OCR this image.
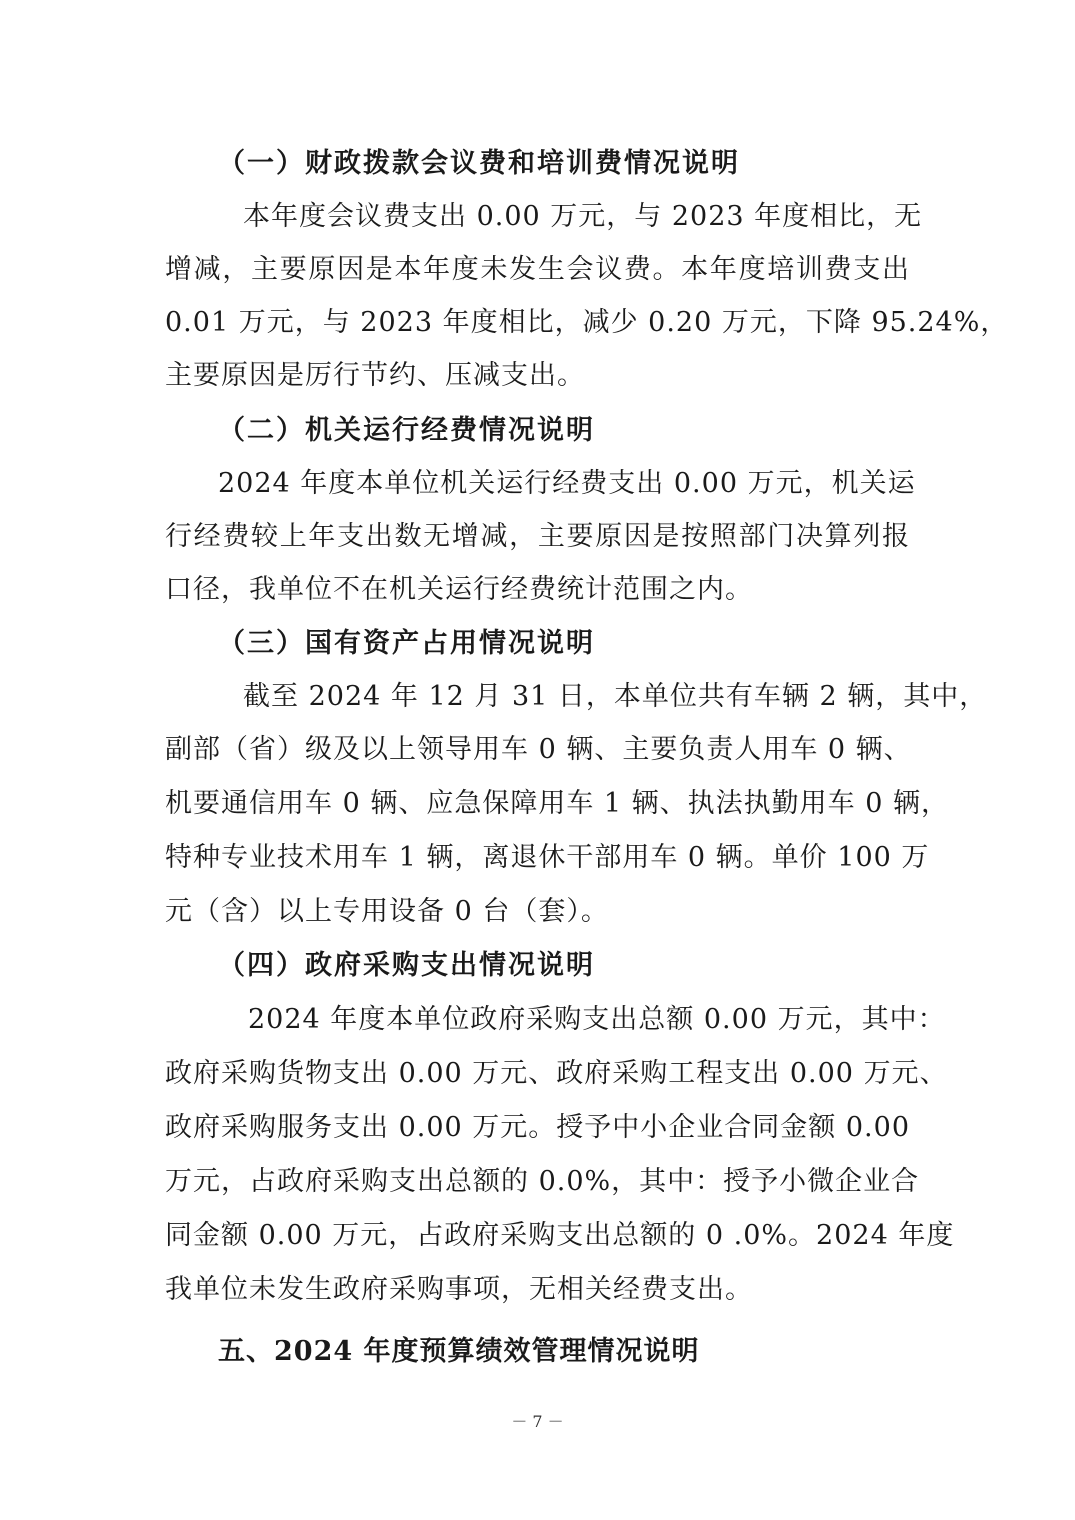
（一）财政拨款会议费和培训费情况说明
本年度会议费支出 0.00 万元，与 2023 年度相比，无
增减，主要原因是本年度未发生会议费。本年度培训费支出
0.01 万元，与 2023 年度相比，减少 0.20 万元，下降 95.24%，
主要原因是厉行节约、压减支出。
（二）机关运行经费情况说明
2024 年度本单位机关运行经费支出 0.00 万元，机关运
行经费较上年支出数无增减，主要原因是按照部门决算列报
口径，我单位不在机关运行经费统计范围之内。
（三）国有资产占用情况说明
截至 2024 年 12 月 31 日，本单位共有车辆 2 辆，其中，
副部（省）级及以上领导用车 0 辆、主要负责人用车 0 辆、
机要通信用车 0 辆、应急保障用车 1 辆、执法执勤用车 0 辆，
特种专业技术用车 1 辆，离退休干部用车 0 辆。单价 100 万
元（含）以上专用设备 0 台（套）。
（四）政府采购支出情况说明
2024 年度本单位政府采购支出总额 0.00 万元，其中：
政府采购货物支出 0.00 万元、政府采购工程支出 0.00 万元、
政府采购服务支出 0.00 万元。授予中小企业合同金额 0.00
万元，占政府采购支出总额的 0.0%，其中：授予小微企业合
同金额 0.00 万元，占政府采购支出总额的 0 .0%。2024 年度
我单位未发生政府采购事项，无相关经费支出。
五、2024 年度预算绩效管理情况说明
－ 7 －
